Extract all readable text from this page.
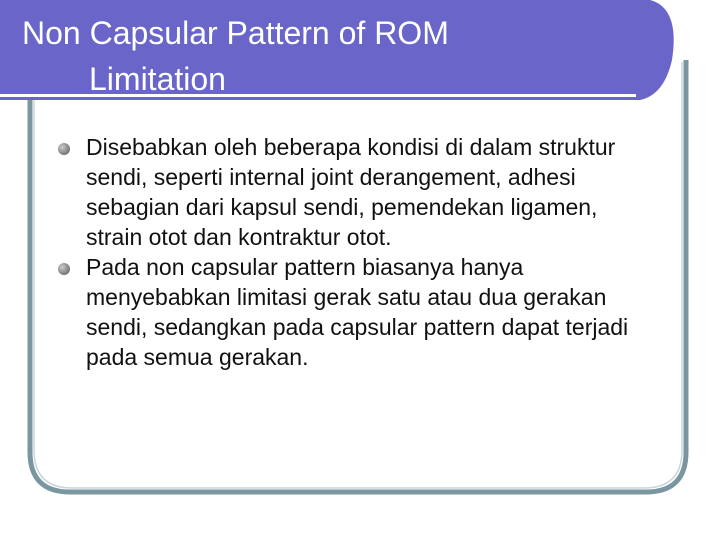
Non Capsular Pattern of ROM
Limitation
Disebabkan oleh beberapa kondisi di dalam struktur sendi, seperti internal joint derangement, adhesi sebagian dari kapsul sendi, pemendekan ligamen, strain otot dan kontraktur otot.
Pada non capsular pattern biasanya hanya menyebabkan limitasi gerak satu atau dua gerakan sendi, sedangkan pada capsular pattern dapat terjadi pada semua gerakan.
